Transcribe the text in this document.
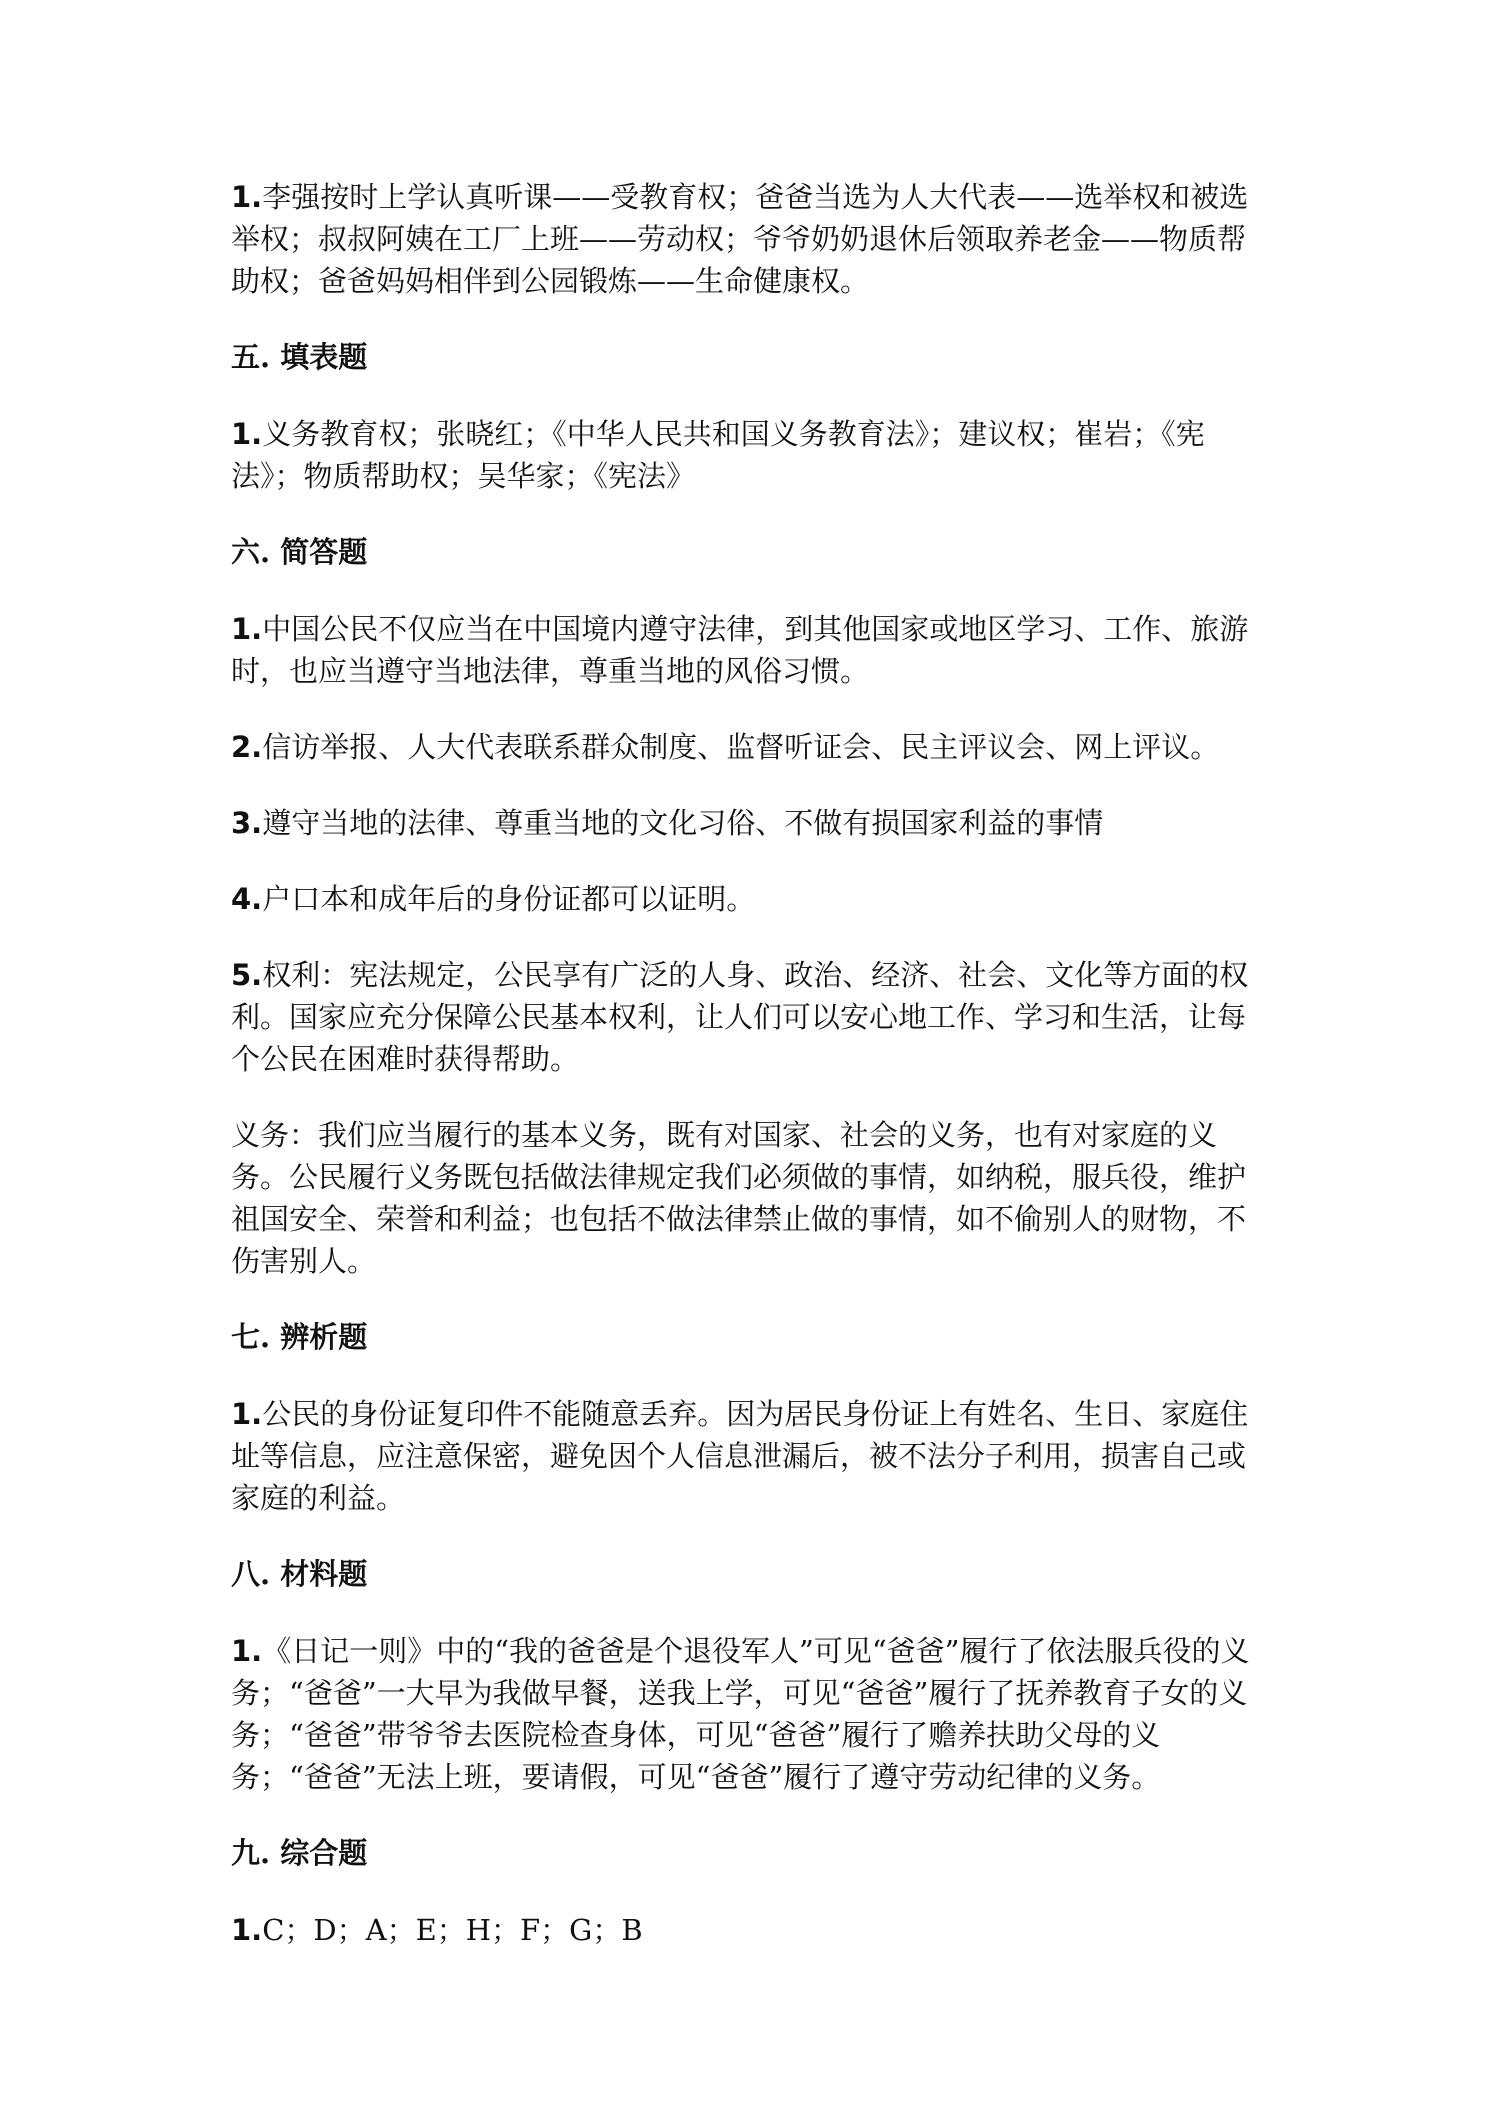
1.李强按时上学认真听课——受教育权；爸爸当选为人大代表——选举权和被选举权；叔叔阿姨在工厂上班——劳动权；爷爷奶奶退休后领取养老金——物质帮助权；爸爸妈妈相伴到公园锻炼——生命健康权。

五. 填表题

1.义务教育权；张晓红；《中华人民共和国义务教育法》；建议权；崔岩；《宪法》；物质帮助权；吴华家；《宪法》

六. 简答题

1.中国公民不仅应当在中国境内遵守法律，到其他国家或地区学习、工作、旅游时，也应当遵守当地法律，尊重当地的风俗习惯。

2.信访举报、人大代表联系群众制度、监督听证会、民主评议会、网上评议。

3.遵守当地的法律、尊重当地的文化习俗、不做有损国家利益的事情

4.户口本和成年后的身份证都可以证明。

5.权利：宪法规定，公民享有广泛的人身、政治、经济、社会、文化等方面的权利。国家应充分保障公民基本权利，让人们可以安心地工作、学习和生活，让每个公民在困难时获得帮助。

义务：我们应当履行的基本义务，既有对国家、社会的义务，也有对家庭的义务。公民履行义务既包括做法律规定我们必须做的事情，如纳税，服兵役，维护祖国安全、荣誉和利益；也包括不做法律禁止做的事情，如不偷别人的财物，不伤害别人。

七. 辨析题

1.公民的身份证复印件不能随意丢弃。因为居民身份证上有姓名、生日、家庭住址等信息，应注意保密，避免因个人信息泄漏后，被不法分子利用，损害自己或家庭的利益。

八. 材料题

1.《日记一则》中的“我的爸爸是个退役军人”可见“爸爸”履行了依法服兵役的义务；“爸爸”一大早为我做早餐，送我上学，可见“爸爸”履行了抚养教育子女的义务；“爸爸”带爷爷去医院检查身体，可见“爸爸”履行了赡养扶助父母的义务；“爸爸”无法上班，要请假，可见“爸爸”履行了遵守劳动纪律的义务。

九. 综合题

1.C；D；A；E；H；F；G；B
